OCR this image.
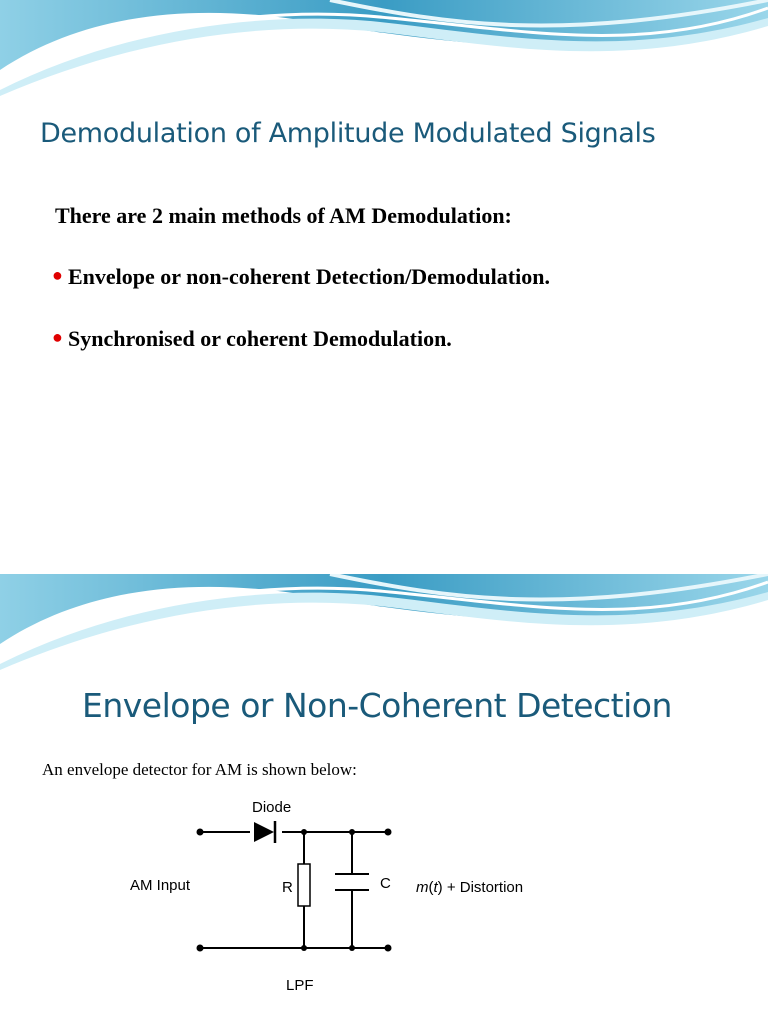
Demodulation of Amplitude Modulated Signals

There are 2 main methods of AM Demodulation:

● Envelope or non-coherent Detection/Demodulation.
● Synchronised or coherent Demodulation.
Envelope or Non-Coherent Detection

An envelope detector for AM is shown below:

Diode
AM Input	R	C m(t) + Distortion
LPF
